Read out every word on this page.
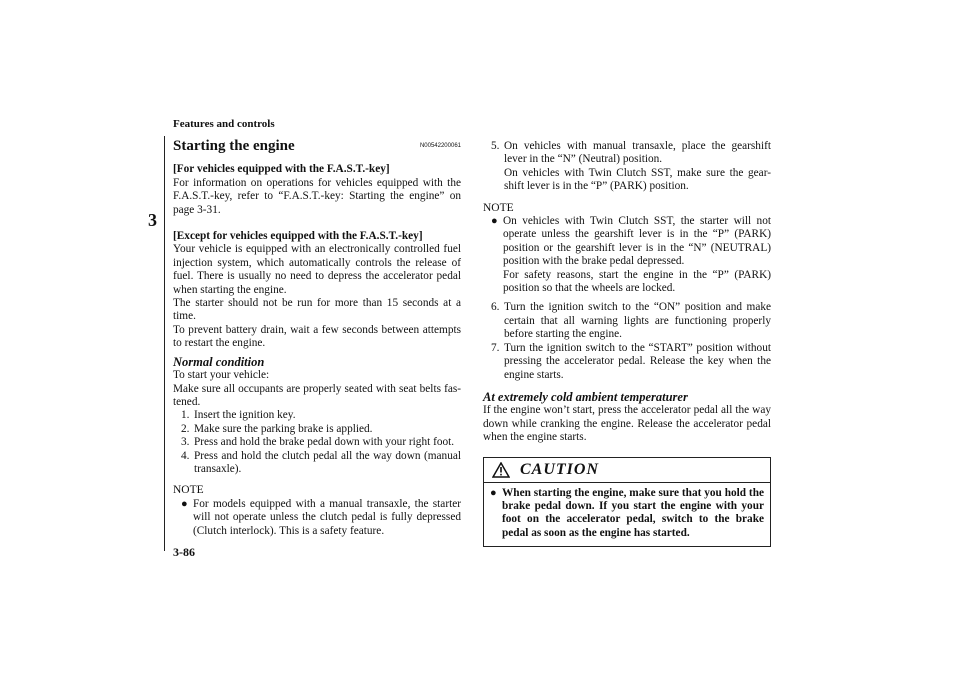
Features and controls
3
Starting the engine	N00542200061

[For vehicles equipped with the F.A.S.T.-key]

For information on operations for vehicles equipped with the F.A.S.T.-key, refer to “F.A.S.T.-key: Starting the engine” on page 3-31.

[Except for vehicles equipped with the F.A.S.T.-key]

Your vehicle is equipped with an electronically controlled fuel injection system, which automatically controls the release of fuel. There is usually no need to depress the accelerator pedal when starting the engine.

The starter should not be run for more than 15 seconds at a time.

To prevent battery drain, wait a few seconds between attempts to restart the engine.

Normal condition

To start your vehicle:

Make sure all occupants are properly seated with seat belts fas-tened.

1. Insert the ignition key.
2. Make sure the parking brake is applied.
3. Press and hold the brake pedal down with your right foot.
4. Press and hold the clutch pedal all the way down (manual transaxle).
NOTE
● For models equipped with a manual transaxle, the starter will not operate unless the clutch pedal is fully depressed (Clutch interlock). This is a safety feature.
5. On vehicles with manual transaxle, place the gearshift lever in the “N” (Neutral) position.
On vehicles with Twin Clutch SST, make sure the gear-shift lever is in the “P” (PARK) position.
NOTE
● On vehicles with Twin Clutch SST, the starter will not operate unless the gearshift lever is in the “P” (PARK) position or the gearshift lever is in the “N” (NEUTRAL) position with the brake pedal depressed.
For safety reasons, start the engine in the “P” (PARK) position so that the wheels are locked.
6. Turn the ignition switch to the “ON” position and make certain that all warning lights are functioning properly before starting the engine.
7. Turn the ignition switch to the “START” position without pressing the accelerator pedal. Release the key when the engine starts.
At extremely cold ambient temperaturer

If the engine won’t start, press the accelerator pedal all the way down while cranking the engine. Release the accelerator pedal when the engine starts.

CAUTION
● When starting the engine, make sure that you hold the brake pedal down. If you start the engine with your foot on the accelerator pedal, switch to the brake pedal as soon as the engine has started.
3-86
